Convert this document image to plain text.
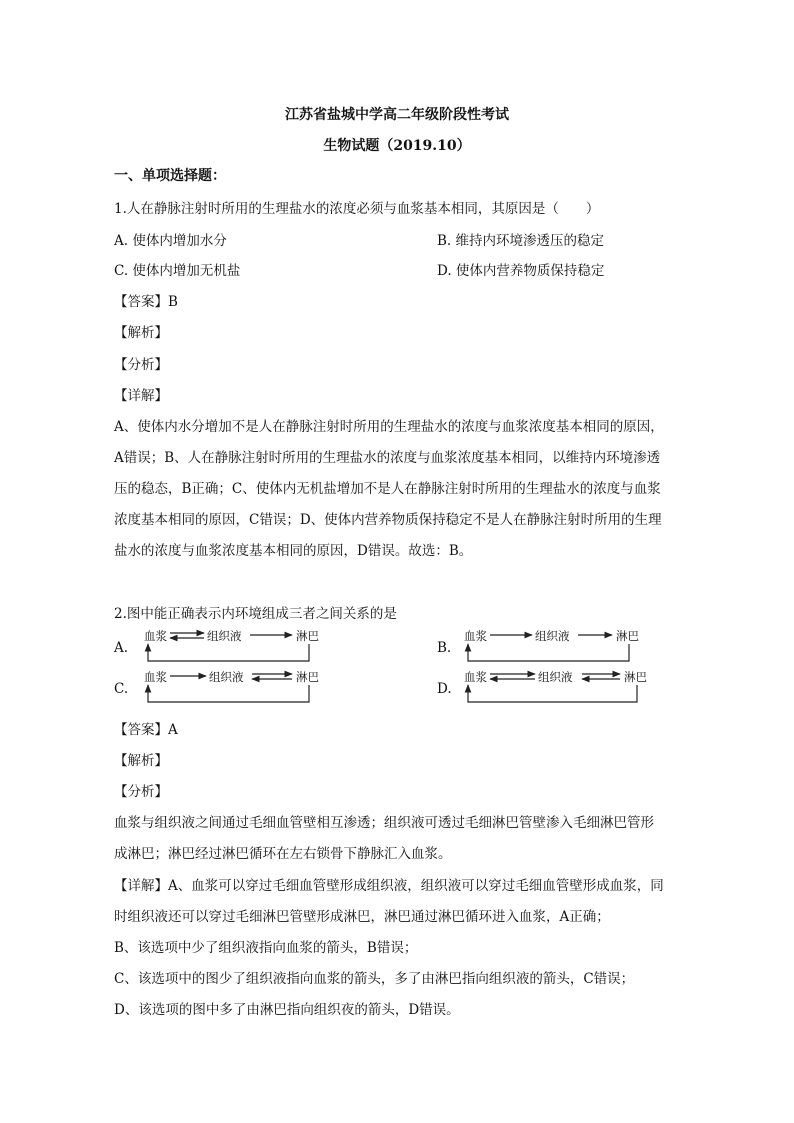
江苏省盐城中学高二年级阶段性考试
生物试题（2019.10）
一、单项选择题：
1.人在静脉注射时所用的生理盐水的浓度必须与血浆基本相同，其原因是（　　）
A. 使体内增加水分	B. 维持内环境渗透压的稳定
C. 使体内增加无机盐	D. 使体内营养物质保持稳定
【答案】B
【解析】
【分析】
【详解】
A、使体内水分增加不是人在静脉注射时所用的生理盐水的浓度与血浆浓度基本相同的原因，
A错误；B、人在静脉注射时所用的生理盐水的浓度与血浆浓度基本相同，以维持内环境渗透
压的稳态，B正确；C、使体内无机盐增加不是人在静脉注射时所用的生理盐水的浓度与血浆
浓度基本相同的原因，C错误；D、使体内营养物质保持稳定不是人在静脉注射时所用的生理
盐水的浓度与血浆浓度基本相同的原因，D错误。故选：B。
2.图中能正确表示内环境组成三者之间关系的是
A.
血浆	组织液	淋巴
B.
血浆	组织液	淋巴
C.
血浆	组织液	淋巴
D.
血浆	组织液	淋巴
【答案】A
【解析】
【分析】
血浆与组织液之间通过毛细血管壁相互渗透；组织液可透过毛细淋巴管壁渗入毛细淋巴管形
成淋巴；淋巴经过淋巴循环在左右锁骨下静脉汇入血浆。
【详解】A、血浆可以穿过毛细血管壁形成组织液，组织液可以穿过毛细血管壁形成血浆，同
时组织液还可以穿过毛细淋巴管壁形成淋巴，淋巴通过淋巴循环进入血浆，A正确；
B、该选项中少了组织液指向血浆的箭头，B错误；
C、该选项中的图少了组织液指向血浆的箭头，多了由淋巴指向组织液的箭头，C错误；
D、该选项的图中多了由淋巴指向组织夜的箭头，D错误。
